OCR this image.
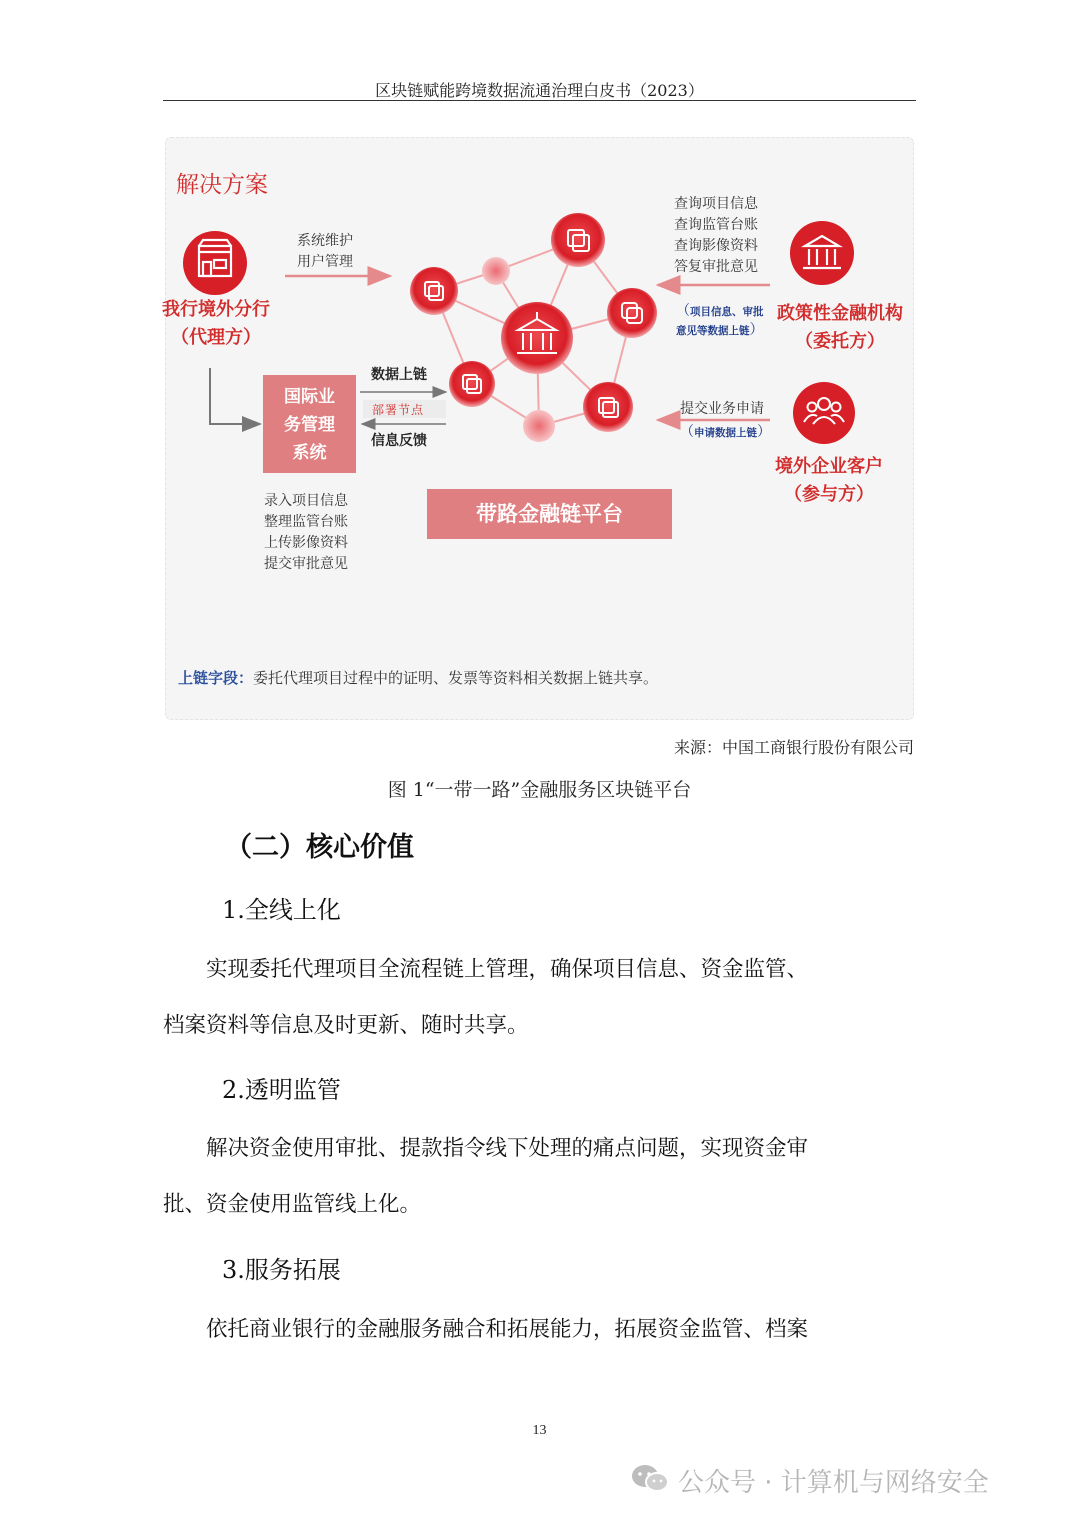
区块链赋能跨境数据流通治理白皮书（2023）
解决方案
我行境外分行
（代理方）
系统维护
用户管理
国际业
务管理
系统
数据上链
部署节点
信息反馈
录入项目信息
整理监管台账
上传影像资料
提交审批意见
带路金融链平台
查询项目信息
查询监管台账
查询影像资料
答复审批意见
（项目信息、审批
意见等数据上链）
政策性金融机构
（委托方）
提交业务申请
（申请数据上链）
境外企业客户
（参与方）
上链字段：委托代理项目过程中的证明、发票等资料相关数据上链共享。
来源：中国工商银行股份有限公司
图 1“一带一路”金融服务区块链平台
（二）核心价值
1.全线上化

实现委托代理项目全流程链上管理，确保项目信息、资金监管、

档案资料等信息及时更新、随时共享。
2.透明监管

解决资金使用审批、提款指令线下处理的痛点问题，实现资金审

批、资金使用监管线上化。
3.服务拓展

依托商业银行的金融服务融合和拓展能力，拓展资金监管、档案

13
公众号 · 计算机与网络安全
